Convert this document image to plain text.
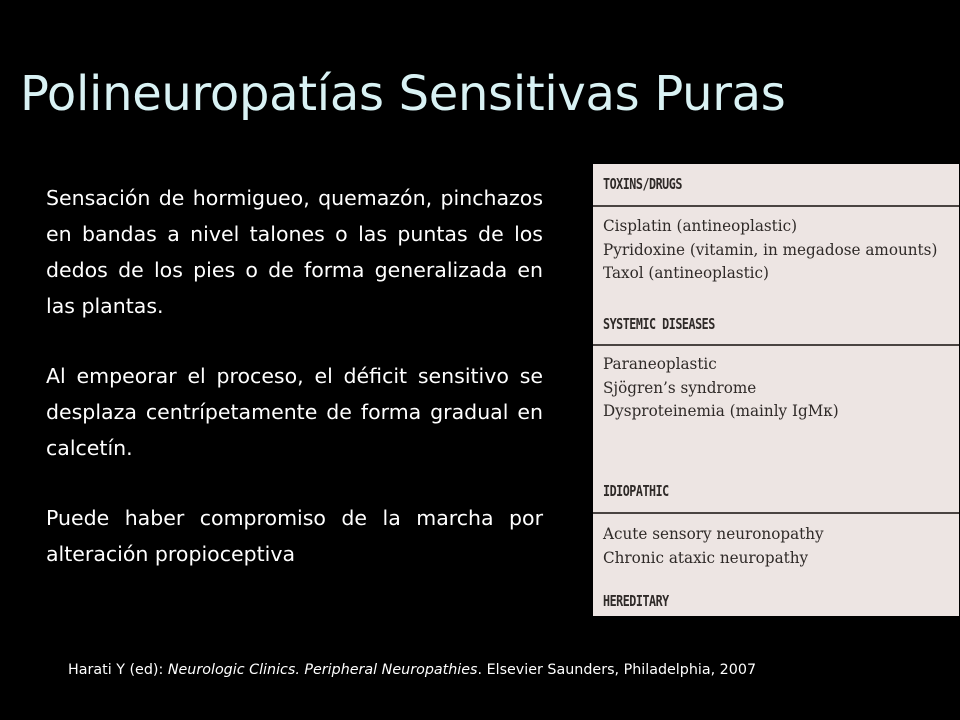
Polineuropatías Sensitivas Puras

Sensación de hormigueo, quemazón, pinchazos en bandas a nivel talones o las puntas de los dedos de los pies o de forma generalizada en las plantas.

Al empeorar el proceso, el déficit sensitivo se desplaza centrípetamente de forma gradual en calcetín.

Puede haber compromiso de la marcha por alteración propioceptiva

TOXINS/DRUGS
Cisplatin (antineoplastic)
Pyridoxine (vitamin, in megadose amounts)
Taxol (antineoplastic)
SYSTEMIC DISEASES
Paraneoplastic
Sjögren’s syndrome
Dysproteinemia (mainly IgMκ)
IDIOPATHIC
Acute sensory neuronopathy
Chronic ataxic neuropathy
HEREDITARY
Harati Y (ed): Neurologic Clinics. Peripheral Neuropathies. Elsevier Saunders, Philadelphia, 2007
